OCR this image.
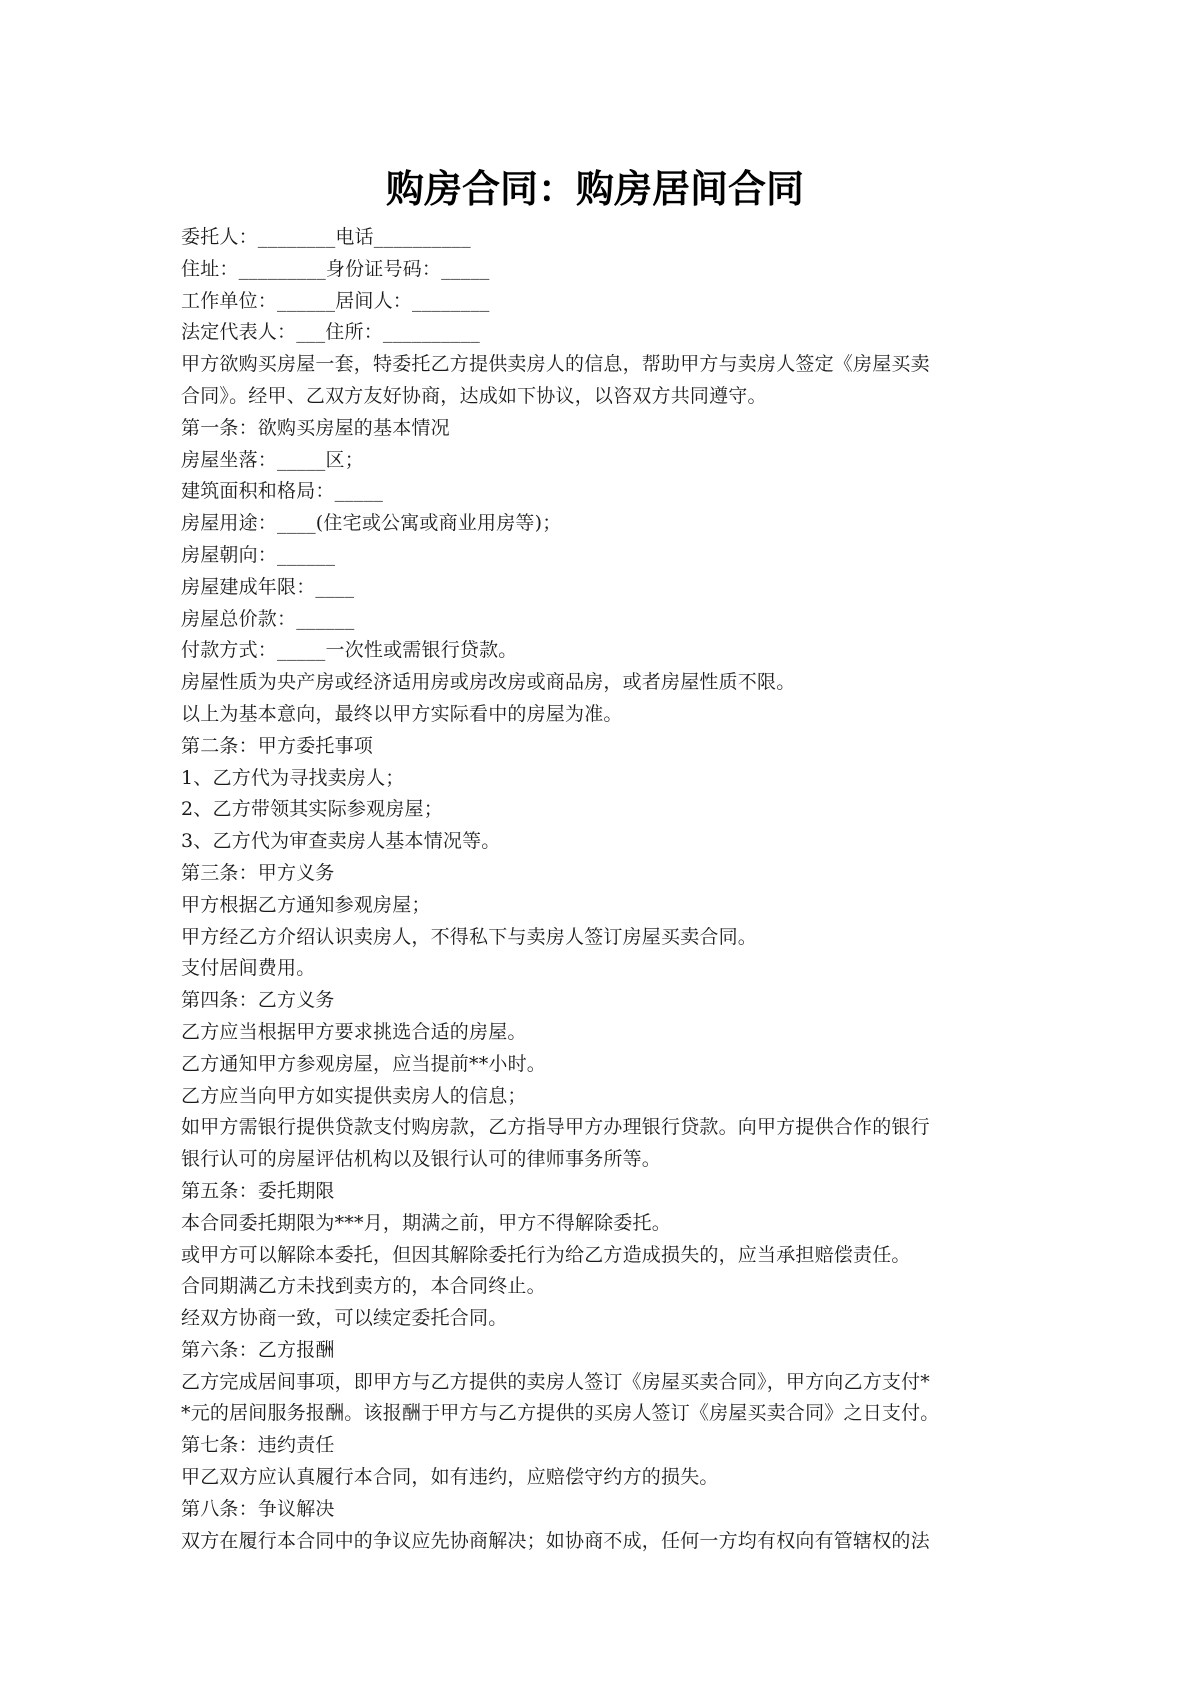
购房合同：购房居间合同
委托人：________电话__________
住址：_________身份证号码：_____
工作单位：______居间人：________
法定代表人：___住所：__________
甲方欲购买房屋一套，特委托乙方提供卖房人的信息，帮助甲方与卖房人签定《房屋买卖
合同》。经甲、乙双方友好协商，达成如下协议，以咨双方共同遵守。
第一条：欲购买房屋的基本情况
房屋坐落：_____区；
建筑面积和格局：_____
房屋用途：____(住宅或公寓或商业用房等)；
房屋朝向：______
房屋建成年限：____
房屋总价款：______
付款方式：_____一次性或需银行贷款。
房屋性质为央产房或经济适用房或房改房或商品房，或者房屋性质不限。
以上为基本意向，最终以甲方实际看中的房屋为准。
第二条：甲方委托事项
1、乙方代为寻找卖房人；
2、乙方带领其实际参观房屋；
3、乙方代为审查卖房人基本情况等。
第三条：甲方义务
甲方根据乙方通知参观房屋；
甲方经乙方介绍认识卖房人，不得私下与卖房人签订房屋买卖合同。
支付居间费用。
第四条：乙方义务
乙方应当根据甲方要求挑选合适的房屋。
乙方通知甲方参观房屋，应当提前**小时。
乙方应当向甲方如实提供卖房人的信息；
如甲方需银行提供贷款支付购房款，乙方指导甲方办理银行贷款。向甲方提供合作的银行
银行认可的房屋评估机构以及银行认可的律师事务所等。
第五条：委托期限
本合同委托期限为***月，期满之前，甲方不得解除委托。
或甲方可以解除本委托，但因其解除委托行为给乙方造成损失的，应当承担赔偿责任。
合同期满乙方未找到卖方的，本合同终止。
经双方协商一致，可以续定委托合同。
第六条：乙方报酬
乙方完成居间事项，即甲方与乙方提供的卖房人签订《房屋买卖合同》，甲方向乙方支付*
*元的居间服务报酬。该报酬于甲方与乙方提供的买房人签订《房屋买卖合同》之日支付。
第七条：违约责任
甲乙双方应认真履行本合同，如有违约，应赔偿守约方的损失。
第八条：争议解决
双方在履行本合同中的争议应先协商解决；如协商不成，任何一方均有权向有管辖权的法
